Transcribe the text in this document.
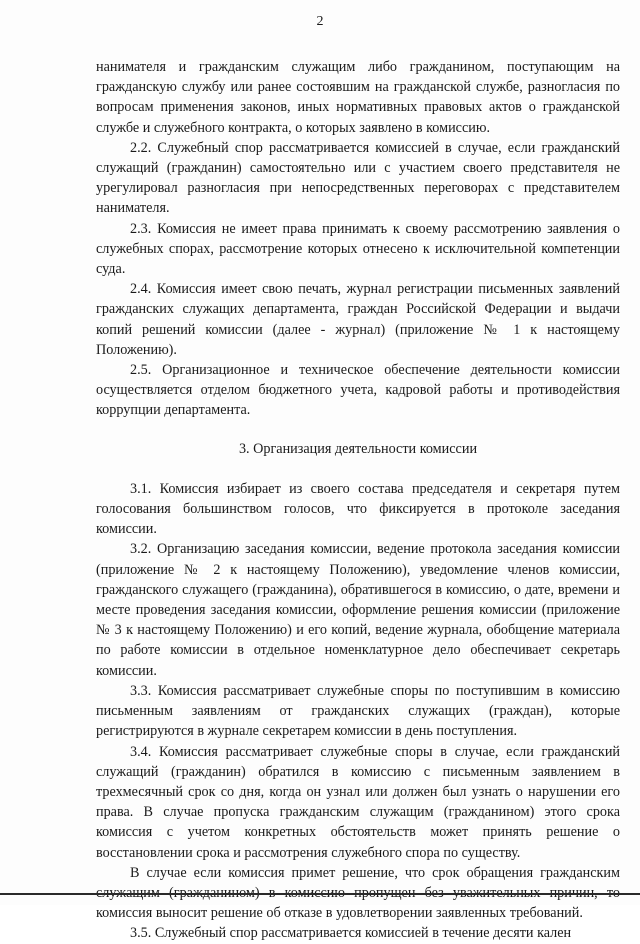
2

нанимателя и гражданским служащим либо гражданином, поступающим на гражданскую службу или ранее состоявшим на гражданской службе, разногласия по вопросам применения законов, иных нормативных правовых актов о гражданской службе и служебного контракта, о которых заявлено в комиссию.

2.2. Служебный спор рассматривается комиссией в случае, если гражданский служащий (гражданин) самостоятельно или с участием своего представителя не урегулировал разногласия при непосредственных переговорах с представителем нанимателя.

2.3. Комиссия не имеет права принимать к своему рассмотрению заявления о служебных спорах, рассмотрение которых отнесено к исключительной компетенции суда.

2.4. Комиссия имеет свою печать, журнал регистрации письменных заявлений гражданских служащих департамента, граждан Российской Федерации и выдачи копий решений комиссии (далее - журнал) (приложение № 1 к настоящему Положению).

2.5. Организационное и техническое обеспечение деятельности комиссии осуществляется отделом бюджетного учета, кадровой работы и противодействия коррупции департамента.

3. Организация деятельности комиссии

3.1. Комиссия избирает из своего состава председателя и секретаря путем голосования большинством голосов, что фиксируется в протоколе заседания комиссии.

3.2. Организацию заседания комиссии, ведение протокола заседания комиссии (приложение № 2 к настоящему Положению), уведомление членов комиссии, гражданского служащего (гражданина), обратившегося в комиссию, о дате, времени и месте проведения заседания комиссии, оформление решения комиссии (приложение № 3 к настоящему Положению) и его копий, ведение журнала, обобщение материала по работе комиссии в отдельное номенклатурное дело обеспечивает секретарь комиссии.

3.3. Комиссия рассматривает служебные споры по поступившим в комиссию письменным заявлениям от гражданских служащих (граждан), которые регистрируются в журнале секретарем комиссии в день поступления.

3.4. Комиссия рассматривает служебные споры в случае, если гражданский служащий (гражданин) обратился в комиссию с письменным заявлением в трехмесячный срок со дня, когда он узнал или должен был узнать о нарушении его права. В случае пропуска гражданским служащим (гражданином) этого срока комиссия с учетом конкретных обстоятельств может принять решение о восстановлении срока и рассмотрения служебного спора по существу.

В случае если комиссия примет решение, что срок обращения гражданским комиссия выносит решение об отказе в удовлетворении заявленных требований.

3.5. Служебный спор рассматривается комиссией в течение десяти кален
